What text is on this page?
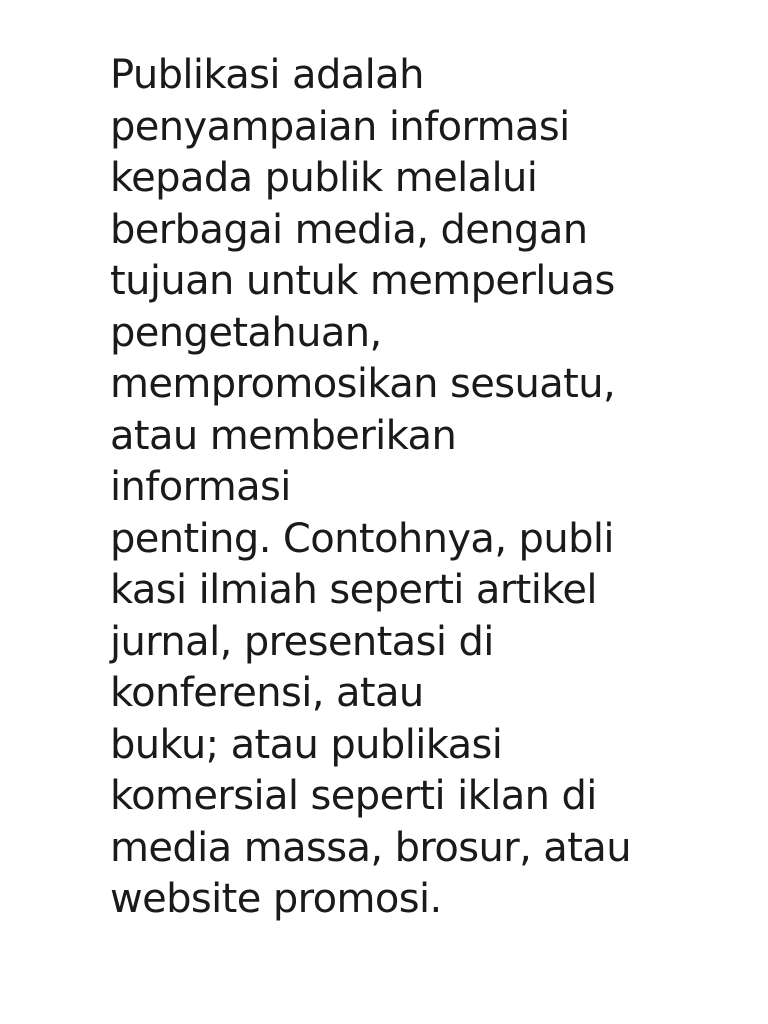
Publikasi adalah
penyampaian informasi
kepada publik melalui
berbagai media, dengan
tujuan untuk memperluas
pengetahuan,
mempromosikan sesuatu,
atau memberikan
informasi
penting. Contohnya, publi
kasi ilmiah seperti artikel
jurnal, presentasi di
konferensi, atau
buku; atau publikasi
komersial seperti iklan di
media massa, brosur, atau
website promosi.
